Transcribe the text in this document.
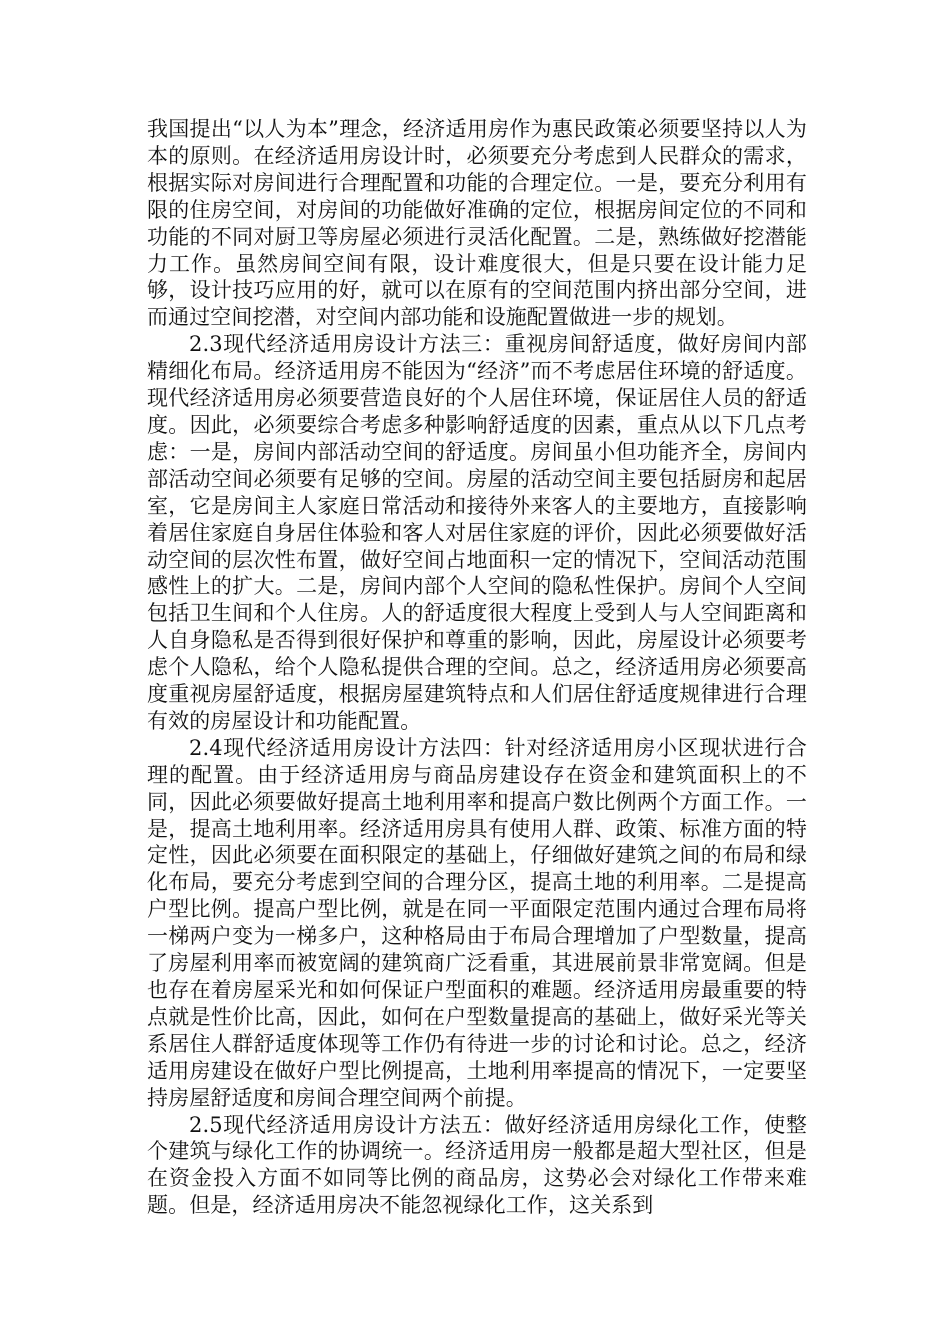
我国提出“以人为本”理念，经济适用房作为惠民政策必须要坚持以人为本的原则。在经济适用房设计时，必须要充分考虑到人民群众的需求，根据实际对房间进行合理配置和功能的合理定位。一是，要充分利用有限的住房空间，对房间的功能做好准确的定位，根据房间定位的不同和功能的不同对厨卫等房屋必须进行灵活化配置。二是，熟练做好挖潜能力工作。虽然房间空间有限，设计难度很大，但是只要在设计能力足够，设计技巧应用的好，就可以在原有的空间范围内挤出部分空间，进而通过空间挖潜，对空间内部功能和设施配置做进一步的规划。

2.3现代经济适用房设计方法三：重视房间舒适度，做好房间内部精细化布局。经济适用房不能因为“经济”而不考虑居住环境的舒适度。现代经济适用房必须要营造良好的个人居住环境，保证居住人员的舒适度。因此，必须要综合考虑多种影响舒适度的因素，重点从以下几点考虑：一是，房间内部活动空间的舒适度。房间虽小但功能齐全，房间内部活动空间必须要有足够的空间。房屋的活动空间主要包括厨房和起居室，它是房间主人家庭日常活动和接待外来客人的主要地方，直接影响着居住家庭自身居住体验和客人对居住家庭的评价，因此必须要做好活动空间的层次性布置，做好空间占地面积一定的情况下，空间活动范围感性上的扩大。二是，房间内部个人空间的隐私性保护。房间个人空间包括卫生间和个人住房。人的舒适度很大程度上受到人与人空间距离和人自身隐私是否得到很好保护和尊重的影响，因此，房屋设计必须要考虑个人隐私，给个人隐私提供合理的空间。总之，经济适用房必须要高度重视房屋舒适度，根据房屋建筑特点和人们居住舒适度规律进行合理有效的房屋设计和功能配置。

2.4现代经济适用房设计方法四：针对经济适用房小区现状进行合理的配置。由于经济适用房与商品房建设存在资金和建筑面积上的不同，因此必须要做好提高土地利用率和提高户数比例两个方面工作。一是，提高土地利用率。经济适用房具有使用人群、政策、标准方面的特定性，因此必须要在面积限定的基础上，仔细做好建筑之间的布局和绿化布局，要充分考虑到空间的合理分区，提高土地的利用率。二是提高户型比例。提高户型比例，就是在同一平面限定范围内通过合理布局将一梯两户变为一梯多户，这种格局由于布局合理增加了户型数量，提高了房屋利用率而被宽阔的建筑商广泛看重，其进展前景非常宽阔。但是也存在着房屋采光和如何保证户型面积的难题。经济适用房最重要的特点就是性价比高，因此，如何在户型数量提高的基础上，做好采光等关系居住人群舒适度体现等工作仍有待进一步的讨论和讨论。总之，经济适用房建设在做好户型比例提高，土地利用率提高的情况下，一定要坚持房屋舒适度和房间合理空间两个前提。

2.5现代经济适用房设计方法五：做好经济适用房绿化工作，使整个建筑与绿化工作的协调统一。经济适用房一般都是超大型社区，但是在资金投入方面不如同等比例的商品房，这势必会对绿化工作带来难题。但是，经济适用房决不能忽视绿化工作，这关系到
